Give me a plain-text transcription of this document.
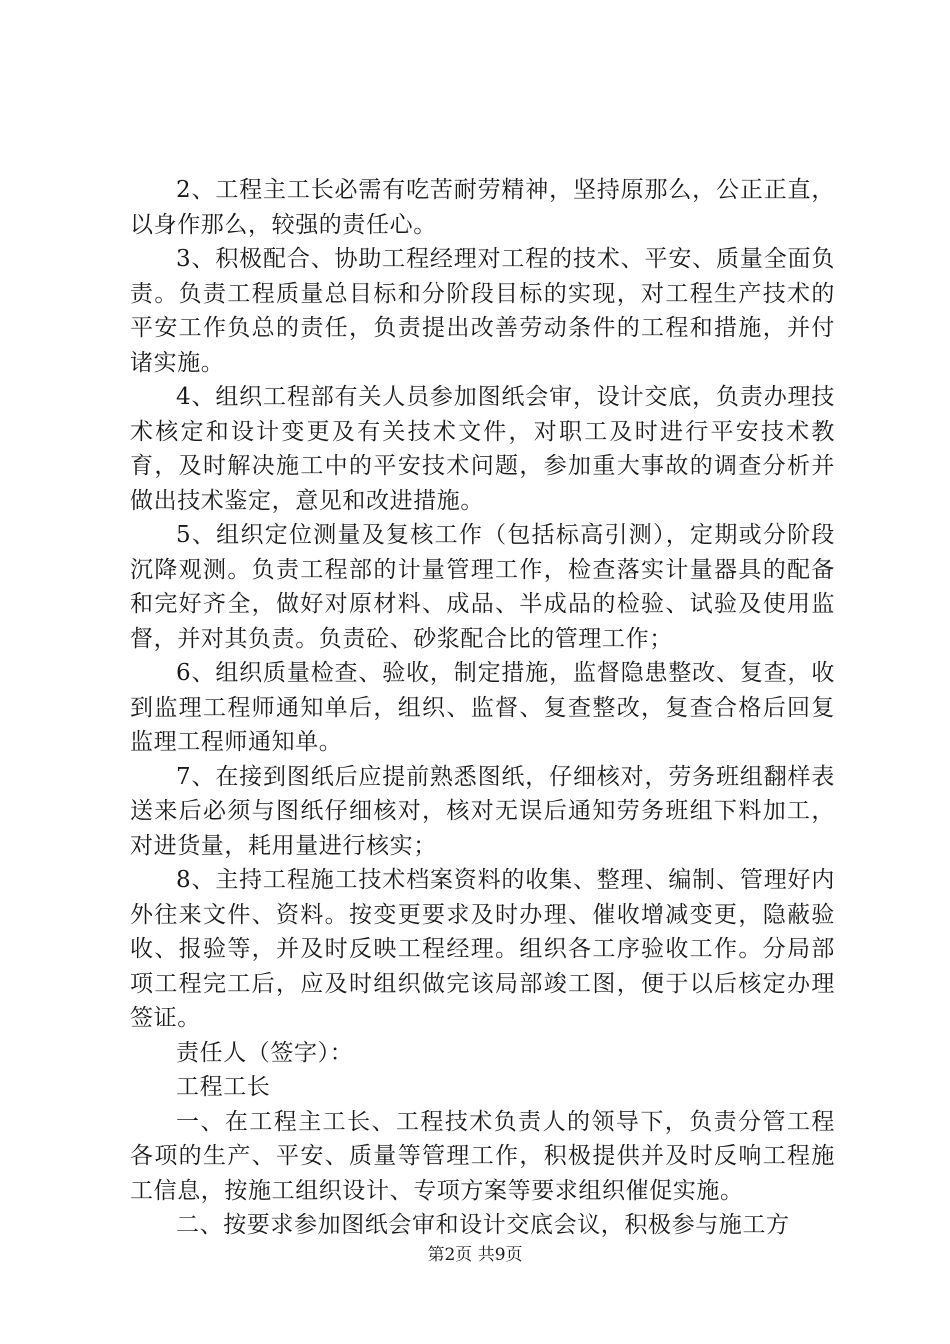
2、工程主工长必需有吃苦耐劳精神，坚持原那么，公正正直，以身作那么，较强的责任心。

3、积极配合、协助工程经理对工程的技术、平安、质量全面负责。负责工程质量总目标和分阶段目标的实现，对工程生产技术的平安工作负总的责任，负责提出改善劳动条件的工程和措施，并付诸实施。

4、组织工程部有关人员参加图纸会审，设计交底，负责办理技术核定和设计变更及有关技术文件，对职工及时进行平安技术教育，及时解决施工中的平安技术问题，参加重大事故的调查分析并做出技术鉴定，意见和改进措施。

5、组织定位测量及复核工作（包括标高引测），定期或分阶段沉降观测。负责工程部的计量管理工作，检查落实计量器具的配备和完好齐全，做好对原材料、成品、半成品的检验、试验及使用监督，并对其负责。负责砼、砂浆配合比的管理工作；

6、组织质量检查、验收，制定措施，监督隐患整改、复查，收到监理工程师通知单后，组织、监督、复查整改，复查合格后回复监理工程师通知单。

7、在接到图纸后应提前熟悉图纸，仔细核对，劳务班组翻样表送来后必须与图纸仔细核对，核对无误后通知劳务班组下料加工，对进货量，耗用量进行核实；

8、主持工程施工技术档案资料的收集、整理、编制、管理好内外往来文件、资料。按变更要求及时办理、催收增减变更，隐蔽验收、报验等，并及时反映工程经理。组织各工序验收工作。分局部项工程完工后，应及时组织做完该局部竣工图，便于以后核定办理签证。

责任人（签字）：

工程工长

一、在工程主工长、工程技术负责人的领导下，负责分管工程各项的生产、平安、质量等管理工作，积极提供并及时反响工程施工信息，按施工组织设计、专项方案等要求组织催促实施。

二、按要求参加图纸会审和设计交底会议，积极参与施工方

第2页 共9页
